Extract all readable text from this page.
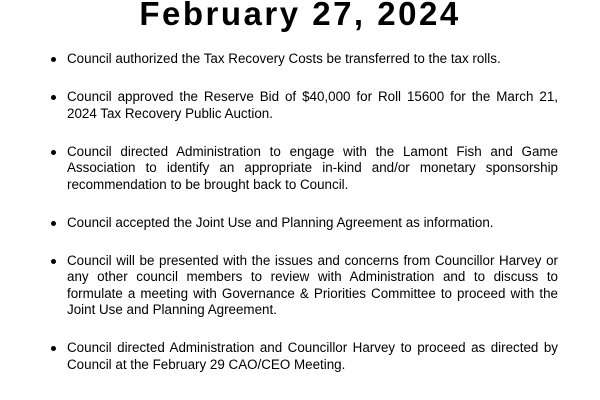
February 27, 2024
Council authorized the Tax Recovery Costs be transferred to the tax rolls.
Council approved the Reserve Bid of $40,000 for Roll 15600 for the March 21, 2024 Tax Recovery Public Auction.
Council directed Administration to engage with the Lamont Fish and Game Association to identify an appropriate in-kind and/or monetary sponsorship recommendation to be brought back to Council.
Council accepted the Joint Use and Planning Agreement as information.
Council will be presented with the issues and concerns from Councillor Harvey or any other council members to review with Administration and to discuss to formulate a meeting with Governance & Priorities Committee to proceed with the Joint Use and Planning Agreement.
Council directed Administration and Councillor Harvey to proceed as directed by Council at the February 29 CAO/CEO Meeting.
